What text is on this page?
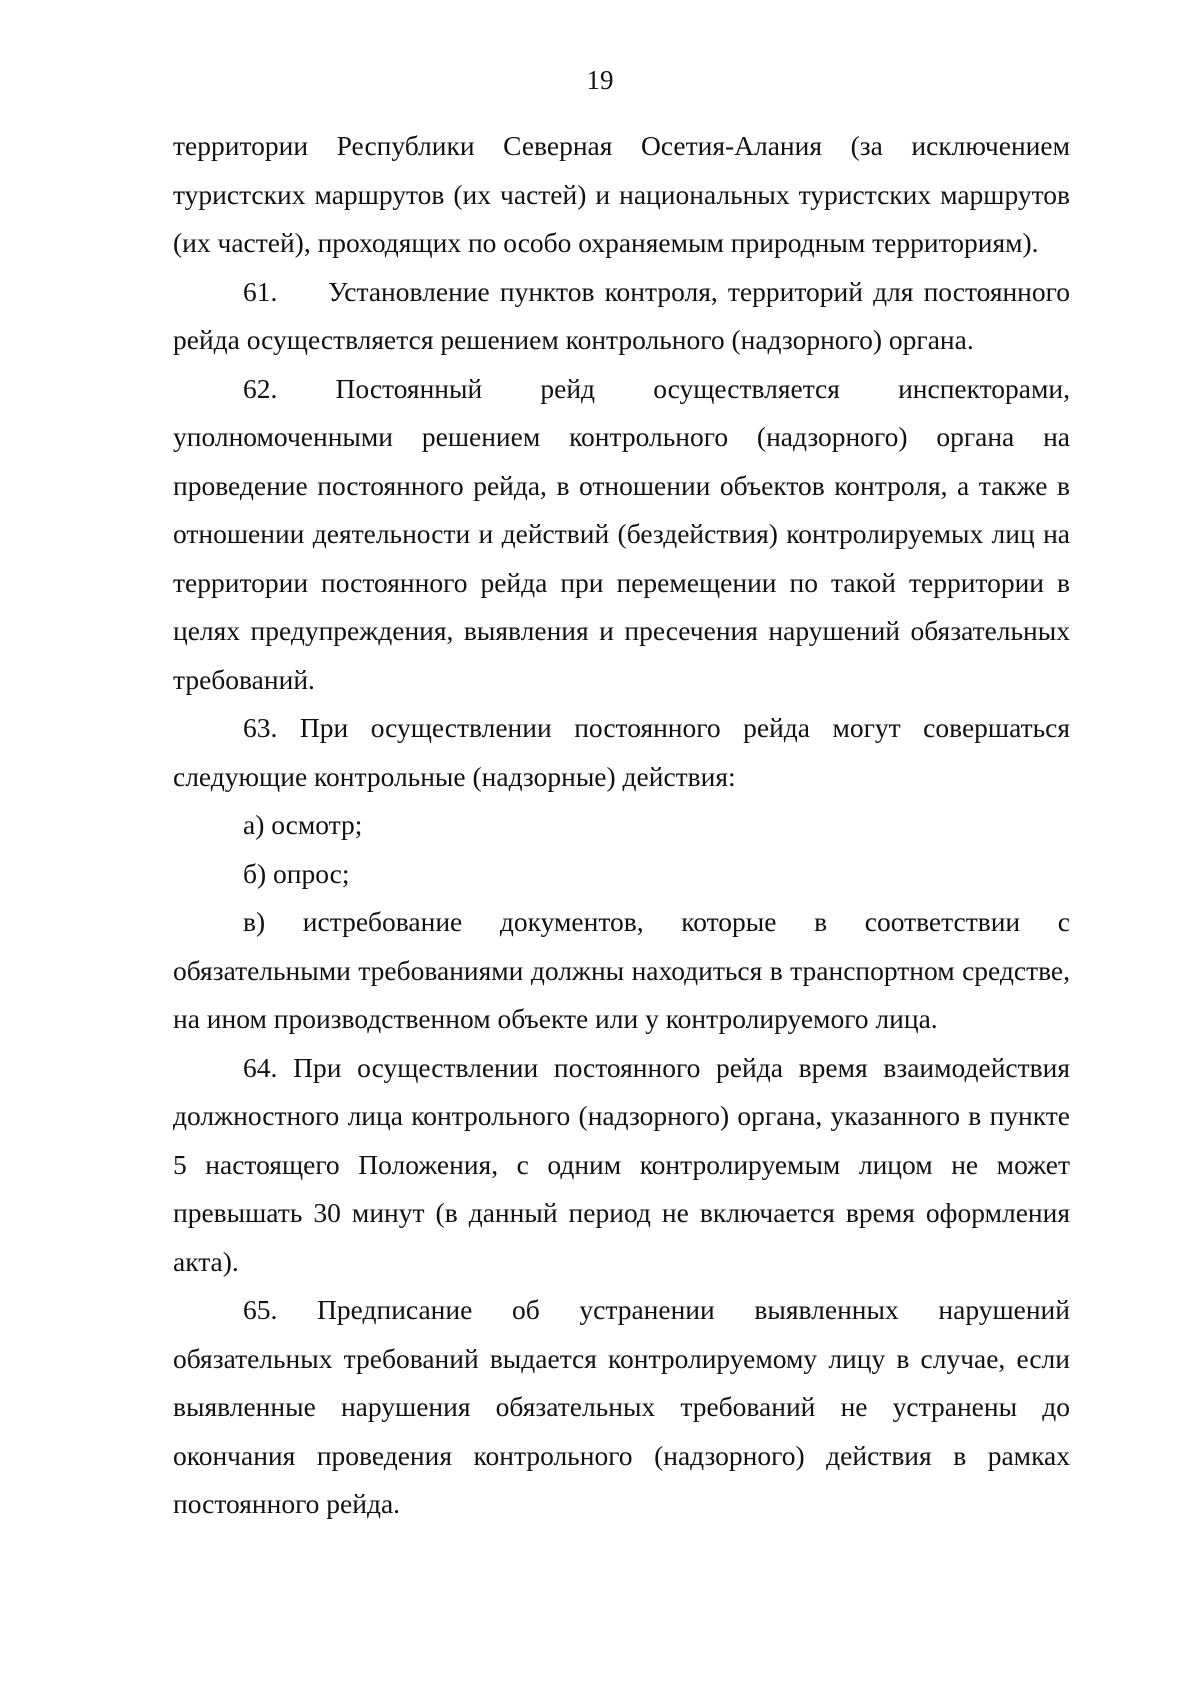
19

территории Республики Северная Осетия-Алания (за исключением туристских маршрутов (их частей) и национальных туристских маршрутов (их частей), проходящих по особо охраняемым природным территориям).

61.     Установление пунктов контроля, территорий для постоянного рейда осуществляется решением контрольного (надзорного) органа.

62. Постоянный рейд осуществляется инспекторами, уполномоченными решением контрольного (надзорного) органа на проведение постоянного рейда, в отношении объектов контроля, а также в отношении деятельности и действий (бездействия) контролируемых лиц на территории постоянного рейда при перемещении по такой территории в целях предупреждения, выявления и пресечения нарушений обязательных требований.

63. При осуществлении постоянного рейда могут совершаться следующие контрольные (надзорные) действия:

а) осмотр;

б) опрос;

в) истребование документов, которые в соответствии с обязательными требованиями должны находиться в транспортном средстве, на ином производственном объекте или у контролируемого лица.

64. При осуществлении постоянного рейда время взаимодействия должностного лица контрольного (надзорного) органа, указанного в пункте 5 настоящего Положения, с одним контролируемым лицом не может превышать 30 минут (в данный период не включается время оформления акта).

65. Предписание об устранении выявленных нарушений обязательных требований выдается контролируемому лицу в случае, если выявленные нарушения обязательных требований не устранены до окончания проведения контрольного (надзорного) действия в рамках постоянного рейда.
